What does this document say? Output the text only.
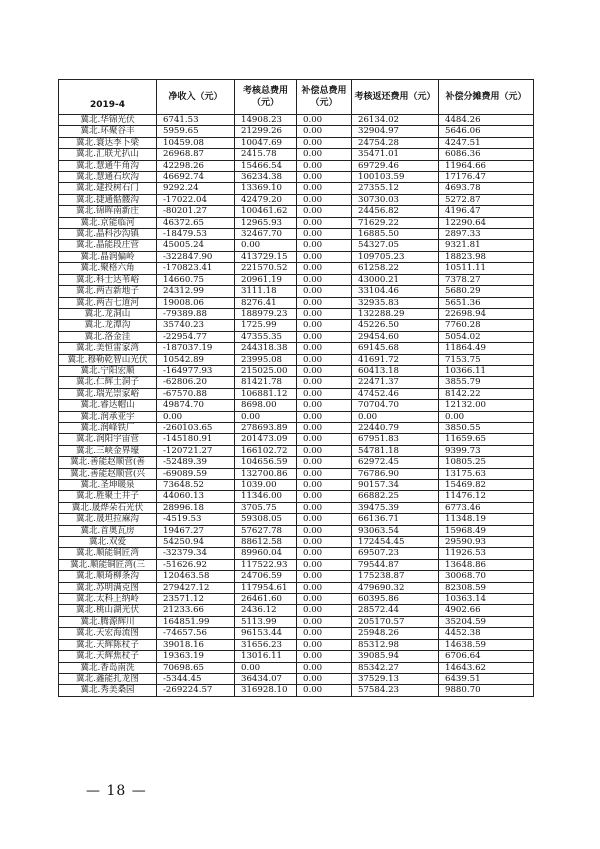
2019-4	净收入（元）	考核总费用（元）	补偿总费用（元）	考核返还费用（元）	补偿分摊费用（元）
冀北.华锦光伏	6741.53	14908.23	0.00	26134.02	4484.26
冀北.环聚谷丰	5959.65	21299.26	0.00	32904.97	5646.06
冀北.寰达李卜梁	10459.08	10047.69	0.00	24754.28	4247.51
冀北.汇联尤扒山	26968.87	2415.78	0.00	35471.01	6086.36
冀北.慧通牛角沟	42298.26	15466.54	0.00	69729.46	11964.66
冀北.慧通石坎沟	46692.74	36234.38	0.00	100103.59	17176.47
冀北.建投树石门	9292.24	13369.10	0.00	27355.12	4693.78
冀北.捷通骷髅沟	-17022.04	42479.20	0.00	30730.03	5272.87
冀北.锦晖南新庄	-80201.27	100461.62	0.00	24456.82	4196.47
冀北.京能临河	46372.65	12965.93	0.00	71629.22	12290.64
冀北.晶科沙沟镇	-18479.53	32467.70	0.00	16885.50	2897.33
冀北.晶能段庄营	45005.24	0.00	0.00	54327.05	9321.81
冀北.晶润偏岭	-322847.90	413729.15	0.00	109705.23	18823.98
冀北.聚格六角	-170823.41	221570.52	0.00	61258.22	10511.11
冀北.科士达苇峪	14660.75	20961.19	0.00	43000.21	7378.27
冀北.两吉新地子	24312.99	3111.18	0.00	33104.46	5680.29
冀北.两吉七道河	19008.06	8276.41	0.00	32935.83	5651.36
冀北.龙洞山	-79389.88	188979.23	0.00	132288.29	22698.94
冀北.龙潭沟	35740.23	1725.99	0.00	45226.50	7760.28
冀北.洛金洼	-22954.77	47355.35	0.00	29454.60	5054.02
冀北.美恒雷家湾	-187037.19	244318.38	0.00	69145.68	11864.49
冀北.穆勒乾智山光伏	10542.89	23995.08	0.00	41691.72	7153.75
冀北.宁阳宏顺	-164977.93	215025.00	0.00	60413.18	10366.11
冀北.仁辉土洞子	-62806.20	81421.78	0.00	22471.37	3855.79
冀北.瑞光崇家峪	-67570.88	106881.12	0.00	47452.46	8142.22
冀北.睿达帽山	49874.70	8698.00	0.00	70704.70	12132.00
冀北.润承亚宇	0.00	0.00	0.00	0.00	0.00
冀北.润峰铁厂	-260103.65	278693.89	0.00	22440.79	3850.55
冀北.润阳宇宙营	-145180.91	201473.09	0.00	67951.83	11659.65
冀北.三峡金界壕	-120721.27	166102.72	0.00	54781.18	9399.73
冀北.善能赵顺营(善	-52489.39	104656.59	0.00	62972.45	10805.25
冀北.善能赵顺营(兴	-69089.59	132700.86	0.00	76786.90	13175.63
冀北.圣坤暖泉	73648.52	1039.00	0.00	90157.34	15469.82
冀北.胜聚土井子	44060.13	11346.00	0.00	66882.25	11476.12
冀北.晟烨朵石光伏	28996.18	3705.75	0.00	39475.39	6773.46
冀北.晟坦拉麻沟	-4519.53	59308.05	0.00	66136.71	11348.19
冀北.首奥瓦房	19467.27	57627.78	0.00	93063.54	15968.49
冀北.双爱	54250.94	88612.58	0.00	172454.45	29590.93
冀北.顺能铜匠湾	-32379.34	89960.04	0.00	69507.23	11926.53
冀北.顺能铜匠湾(三	-51626.92	117522.93	0.00	79544.87	13648.86
冀北.顺琦柳条沟	120463.58	24706.59	0.00	175238.87	30068.70
冀北.苏明满克图	279427.12	117954.61	0.00	479690.32	82308.59
冀北.太科上纳岭	23571.12	26461.60	0.00	60395.86	10363.14
冀北.桃山湖光伏	21233.66	2436.12	0.00	28572.44	4902.66
冀北.腾源辉川	164851.99	5113.99	0.00	205170.57	35204.59
冀北.天宏海流图	-74657.56	96153.44	0.00	25948.26	4452.38
冀北.天辉陈杖子	39018.16	31656.23	0.00	85312.98	14638.59
冀北.天辉焦杖子	19363.19	13016.11	0.00	39085.94	6706.64
冀北.香岛南洗	70698.65	0.00	0.00	85342.27	14643.62
冀北.鑫能扎龙图	-5344.45	36434.07	0.00	37529.13	6439.51
冀北.秀美桑园	-269224.57	316928.10	0.00	57584.23	9880.70
— 18 —
